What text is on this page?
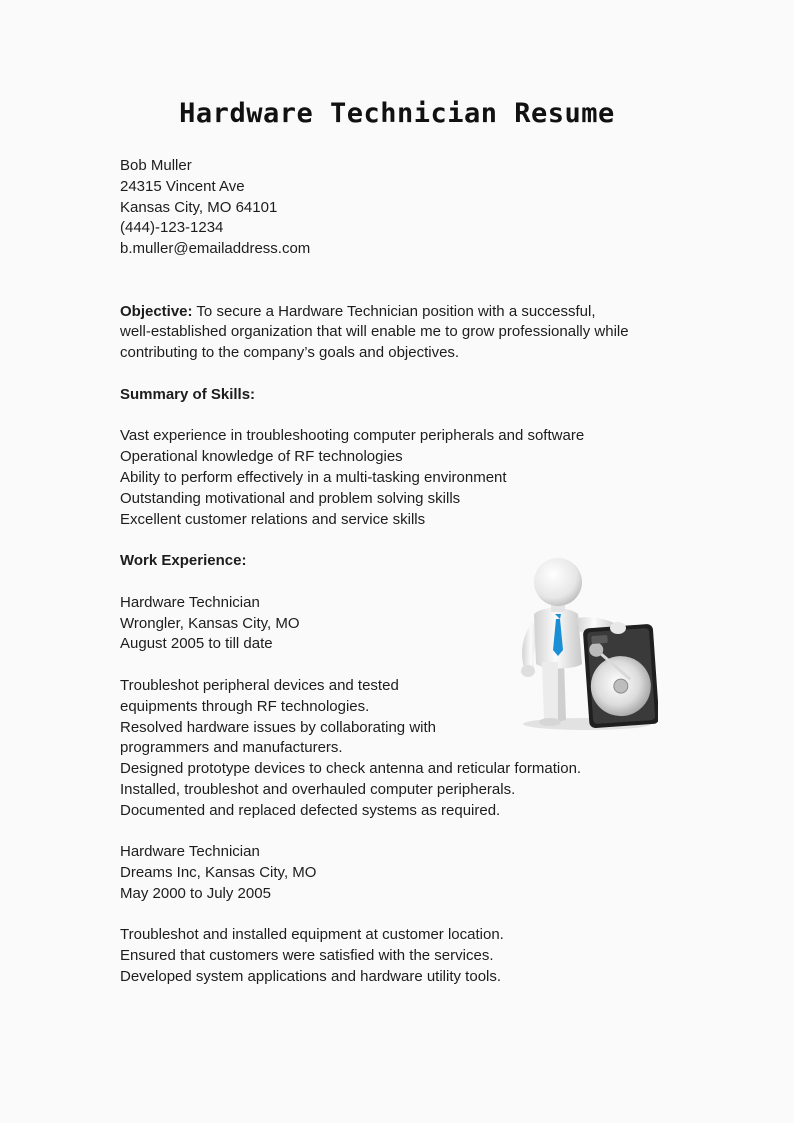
Hardware Technician Resume
Bob Muller
24315 Vincent Ave
Kansas City, MO 64101
(444)-123-1234
b.muller@emailaddress.com
Objective: To secure a Hardware Technician position with a successful,
well-established organization that will enable me to grow professionally while
contributing to the company’s goals and objectives.
Summary of Skills:
Vast experience in troubleshooting computer peripherals and software
Operational knowledge of RF technologies
Ability to perform effectively in a multi-tasking environment
Outstanding motivational and problem solving skills
Excellent customer relations and service skills
Work Experience:
Hardware Technician
Wrongler, Kansas City, MO
August 2005 to till date
Troubleshot peripheral devices and tested
equipments through RF technologies.
Resolved hardware issues by collaborating with
programmers and manufacturers.
Designed prototype devices to check antenna and reticular formation.
Installed, troubleshot and overhauled computer peripherals.
Documented and replaced defected systems as required.
Hardware Technician
Dreams Inc, Kansas City, MO
May 2000 to July 2005
Troubleshot and installed equipment at customer location.
Ensured that customers were satisfied with the services.
Developed system applications and hardware utility tools.
